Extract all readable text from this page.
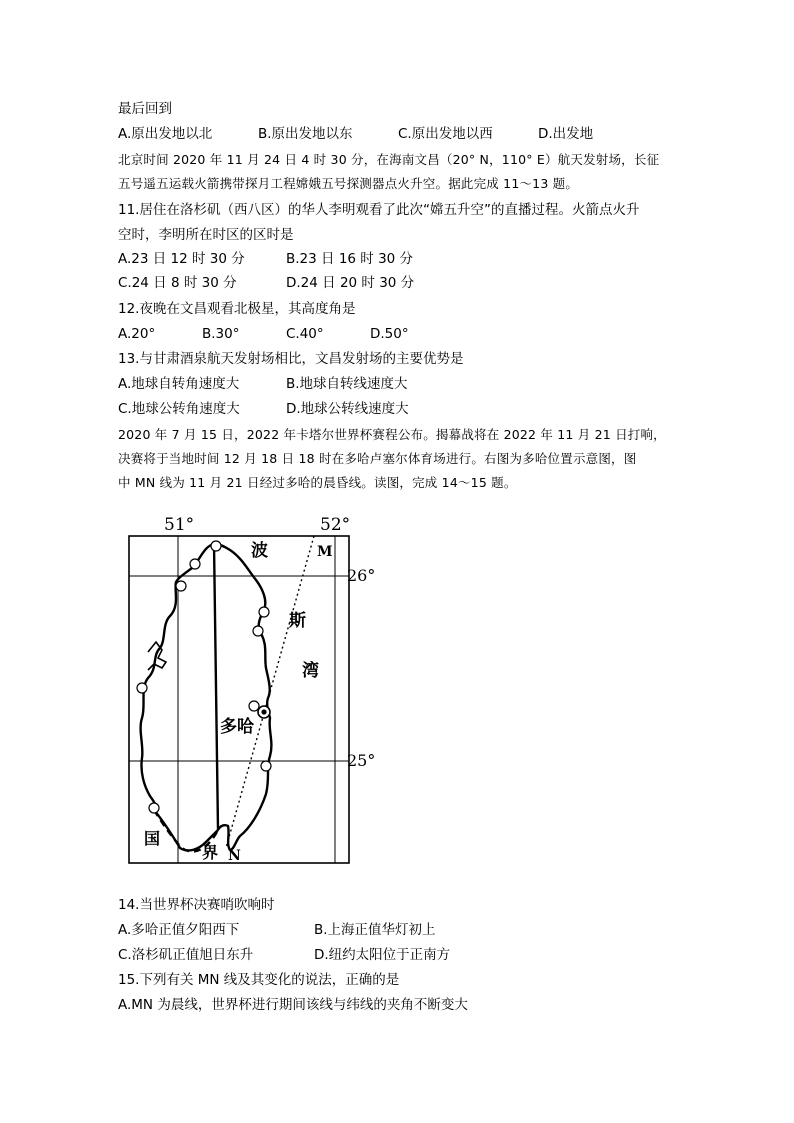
最后回到
A.原出发地以北	B.原出发地以东	C.原出发地以西	D.出发地
北京时间 2020 年 11 月 24 日 4 时 30 分，在海南文昌（20° N，110° E）航天发射场，长征
五号遥五运载火箭携带探月工程嫦娥五号探测器点火升空。据此完成 11～13 题。
11.居住在洛杉矶（西八区）的华人李明观看了此次“嫦五升空”的直播过程。火箭点火升
空时，李明所在时区的区时是
A.23 日 12 时 30 分	B.23 日 16 时 30 分
C.24 日 8 时 30 分	D.24 日 20 时 30 分
12.夜晚在文昌观看北极星，其高度角是
A.20°	B.30°	C.40°	D.50°
13.与甘肃酒泉航天发射场相比，文昌发射场的主要优势是
A.地球自转角速度大	B.地球自转线速度大
C.地球公转角速度大	D.地球公转线速度大
2020 年 7 月 15 日，2022 年卡塔尔世界杯赛程公布。揭幕战将在 2022 年 11 月 21 日打响，
决赛将于当地时间 12 月 18 日 18 时在多哈卢塞尔体育场进行。右图为多哈位置示意图，图
中 MN 线为 11 月 21 日经过多哈的晨昏线。读图，完成 14～15 题。
51°	52°
26°
25°
波
斯
湾
多哈
国
界
M
N
14.当世界杯决赛哨吹响时
A.多哈正值夕阳西下	B.上海正值华灯初上
C.洛杉矶正值旭日东升	D.纽约太阳位于正南方
15.下列有关 MN 线及其变化的说法，正确的是
A.MN 为晨线，世界杯进行期间该线与纬线的夹角不断变大
